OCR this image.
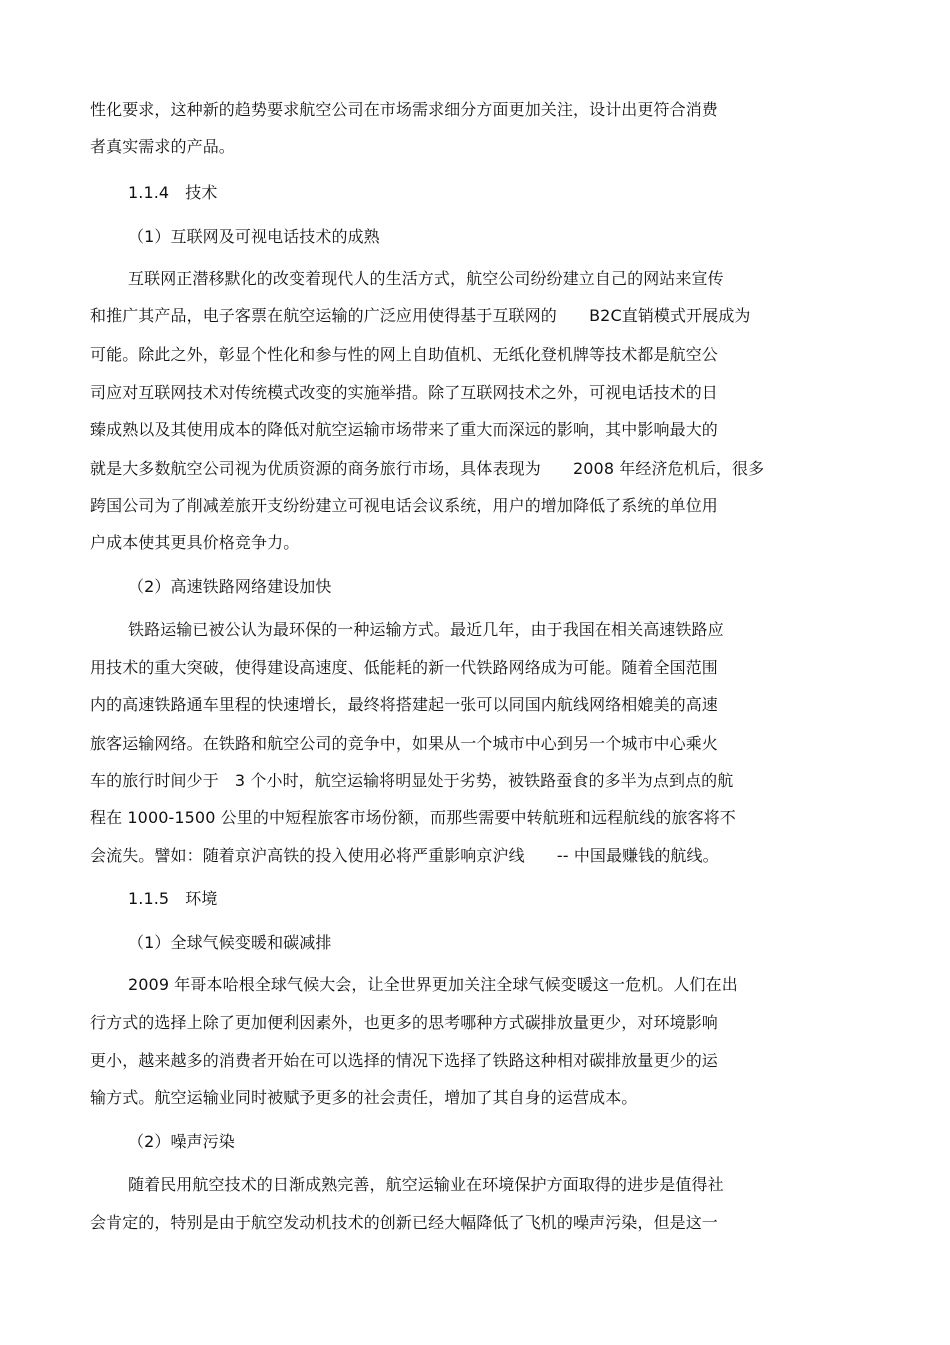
性化要求，这种新的趋势要求航空公司在市场需求细分方面更加关注，设计出更符合消费
者真实需求的产品。
1.1.4　技术
（1）互联网及可视电话技术的成熟
互联网正潜移默化的改变着现代人的生活方式，航空公司纷纷建立自己的网站来宣传
和推广其产品，电子客票在航空运输的广泛应用使得基于互联网的　　B2C直销模式开展成为
可能。除此之外，彰显个性化和参与性的网上自助值机、无纸化登机牌等技术都是航空公
司应对互联网技术对传统模式改变的实施举措。除了互联网技术之外，可视电话技术的日
臻成熟以及其使用成本的降低对航空运输市场带来了重大而深远的影响，其中影响最大的
就是大多数航空公司视为优质资源的商务旅行市场，具体表现为　　2008 年经济危机后，很多
跨国公司为了削减差旅开支纷纷建立可视电话会议系统，用户的增加降低了系统的单位用
户成本使其更具价格竞争力。
（2）高速铁路网络建设加快
铁路运输已被公认为最环保的一种运输方式。最近几年，由于我国在相关高速铁路应
用技术的重大突破，使得建设高速度、低能耗的新一代铁路网络成为可能。随着全国范围
内的高速铁路通车里程的快速增长，最终将搭建起一张可以同国内航线网络相媲美的高速
旅客运输网络。在铁路和航空公司的竞争中，如果从一个城市中心到另一个城市中心乘火
车的旅行时间少于　3 个小时，航空运输将明显处于劣势，被铁路蚕食的多半为点到点的航
程在 1000-1500 公里的中短程旅客市场份额，而那些需要中转航班和远程航线的旅客将不
会流失。譬如：随着京沪高铁的投入使用必将严重影响京沪线　　-- 中国最赚钱的航线。
1.1.5　环境
（1）全球气候变暖和碳减排
2009 年哥本哈根全球气候大会，让全世界更加关注全球气候变暖这一危机。人们在出
行方式的选择上除了更加便利因素外，也更多的思考哪种方式碳排放量更少，对环境影响
更小，越来越多的消费者开始在可以选择的情况下选择了铁路这种相对碳排放量更少的运
输方式。航空运输业同时被赋予更多的社会责任，增加了其自身的运营成本。
（2）噪声污染
随着民用航空技术的日渐成熟完善，航空运输业在环境保护方面取得的进步是值得社
会肯定的，特别是由于航空发动机技术的创新已经大幅降低了飞机的噪声污染，但是这一
